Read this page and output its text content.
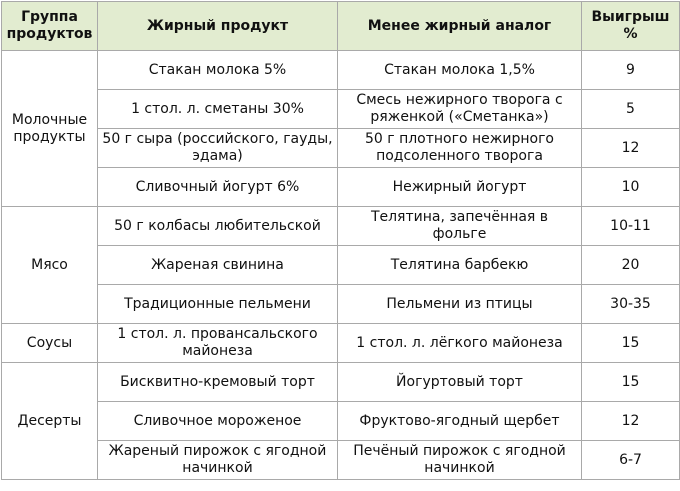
Группа продуктов	Жирный продукт	Менее жирный аналог	Выигрыш %
Молочные продукты	Стакан молока 5%	Стакан молока 1,5%	9
	1 стол. л. сметаны 30%	Смесь нежирного творога с ряженкой («Сметанка»)	5
	50 г сыра (российского, гауды, эдама)	50 г плотного нежирного подсоленного творога	12
	Сливочный йогурт 6%	Нежирный йогурт	10
Мясо	50 г колбасы любительской	Телятина, запечённая в фольге	10-11
	Жареная свинина	Телятина барбекю	20
	Традиционные пельмени	Пельмени из птицы	30-35
Соусы	1 стол. л. провансальского майонеза	1 стол. л. лёгкого майонеза	15
Десерты	Бисквитно-кремовый торт	Йогуртовый торт	15
	Сливочное мороженое	Фруктово-ягодный щербет	12
	Жареный пирожок с ягодной начинкой	Печёный пирожок с ягодной начинкой	6-7
